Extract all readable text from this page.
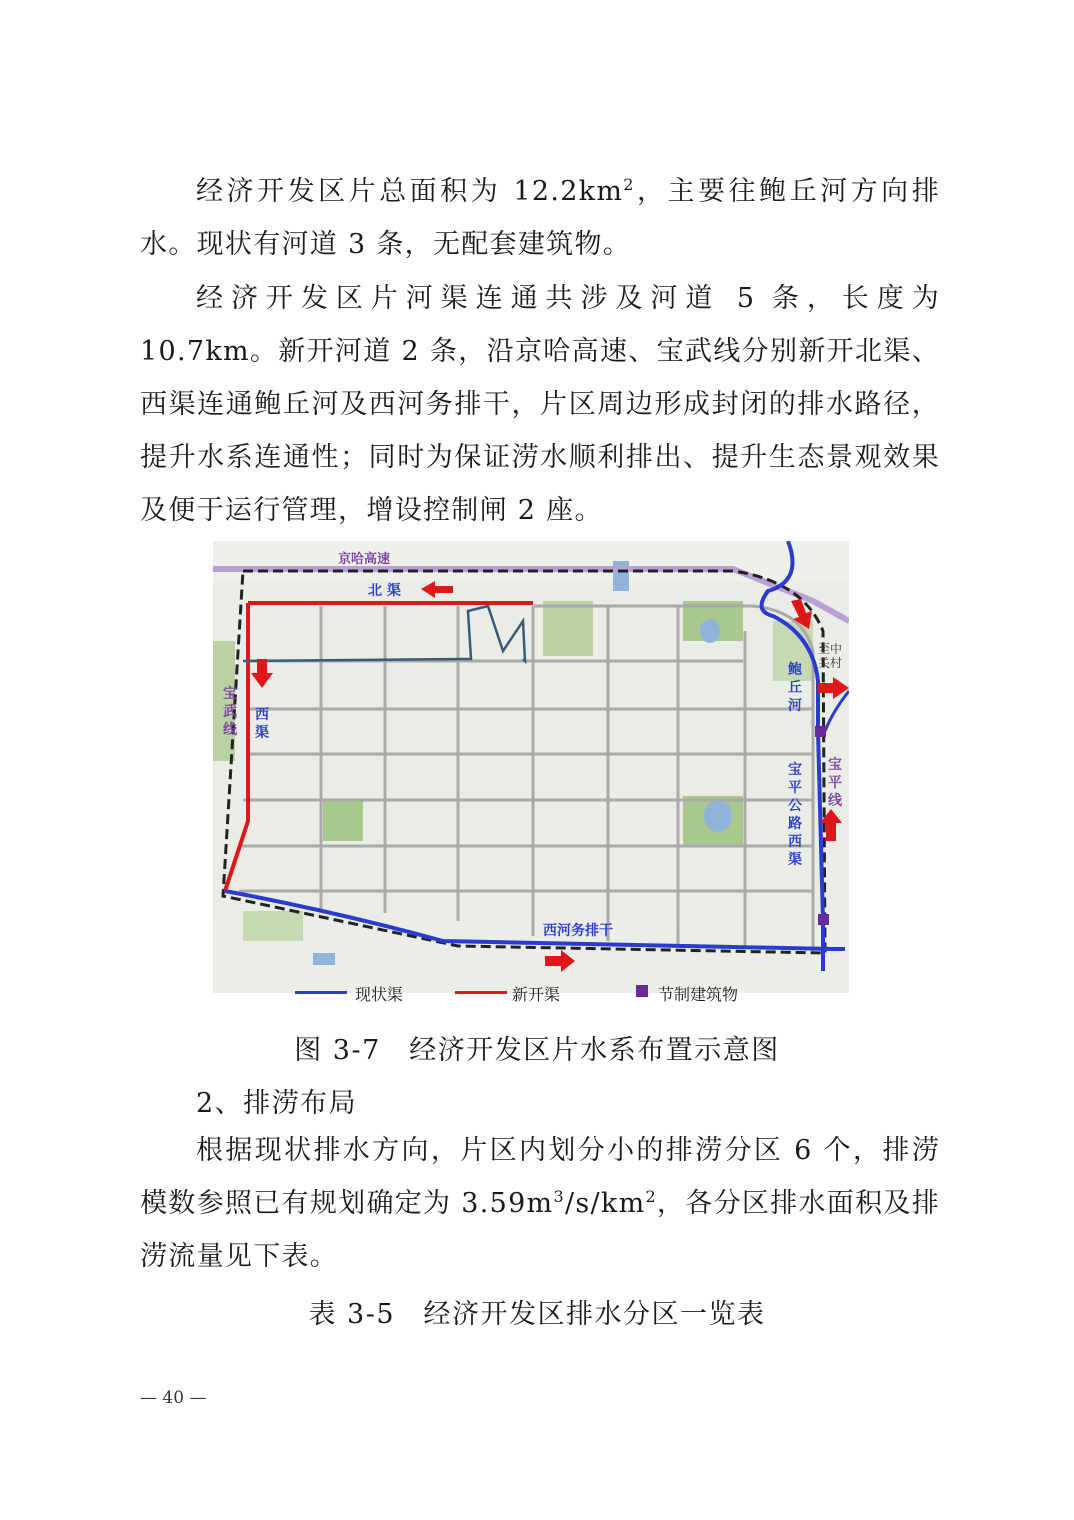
经济开发区片总面积为 $12.2km^2$，主要往鲍丘河方向排水。现状有河道 3 条，无配套建筑物。
经济开发区片河渠连通共涉及河道 5 条，长度为 10.7km。新开河道 2 条，沿京哈高速、宝武线分别新开北渠、西渠连通鲍丘河及西河务排干，片区周边形成封闭的排水路径，提升水系连通性；同时为保证涝水顺利排出、提升生态景观效果及便于运行管理，增设控制闸 2 座。
京哈高速
北 渠
西河务排干
至中
关村
宝
武
线
西
渠
鲍
丘
河
宝
平
线
宝
平
公
路
西
渠
现状渠	新开渠	节制建筑物
图 3-7　经济开发区片水系布置示意图
2、排涝布局
根据现状排水方向，片区内划分小的排涝分区 6 个，排涝模数参照已有规划确定为 $3.59m^3/s/km^2$，各分区排水面积及排涝流量见下表。
表 3-5　经济开发区排水分区一览表
— 40 —
